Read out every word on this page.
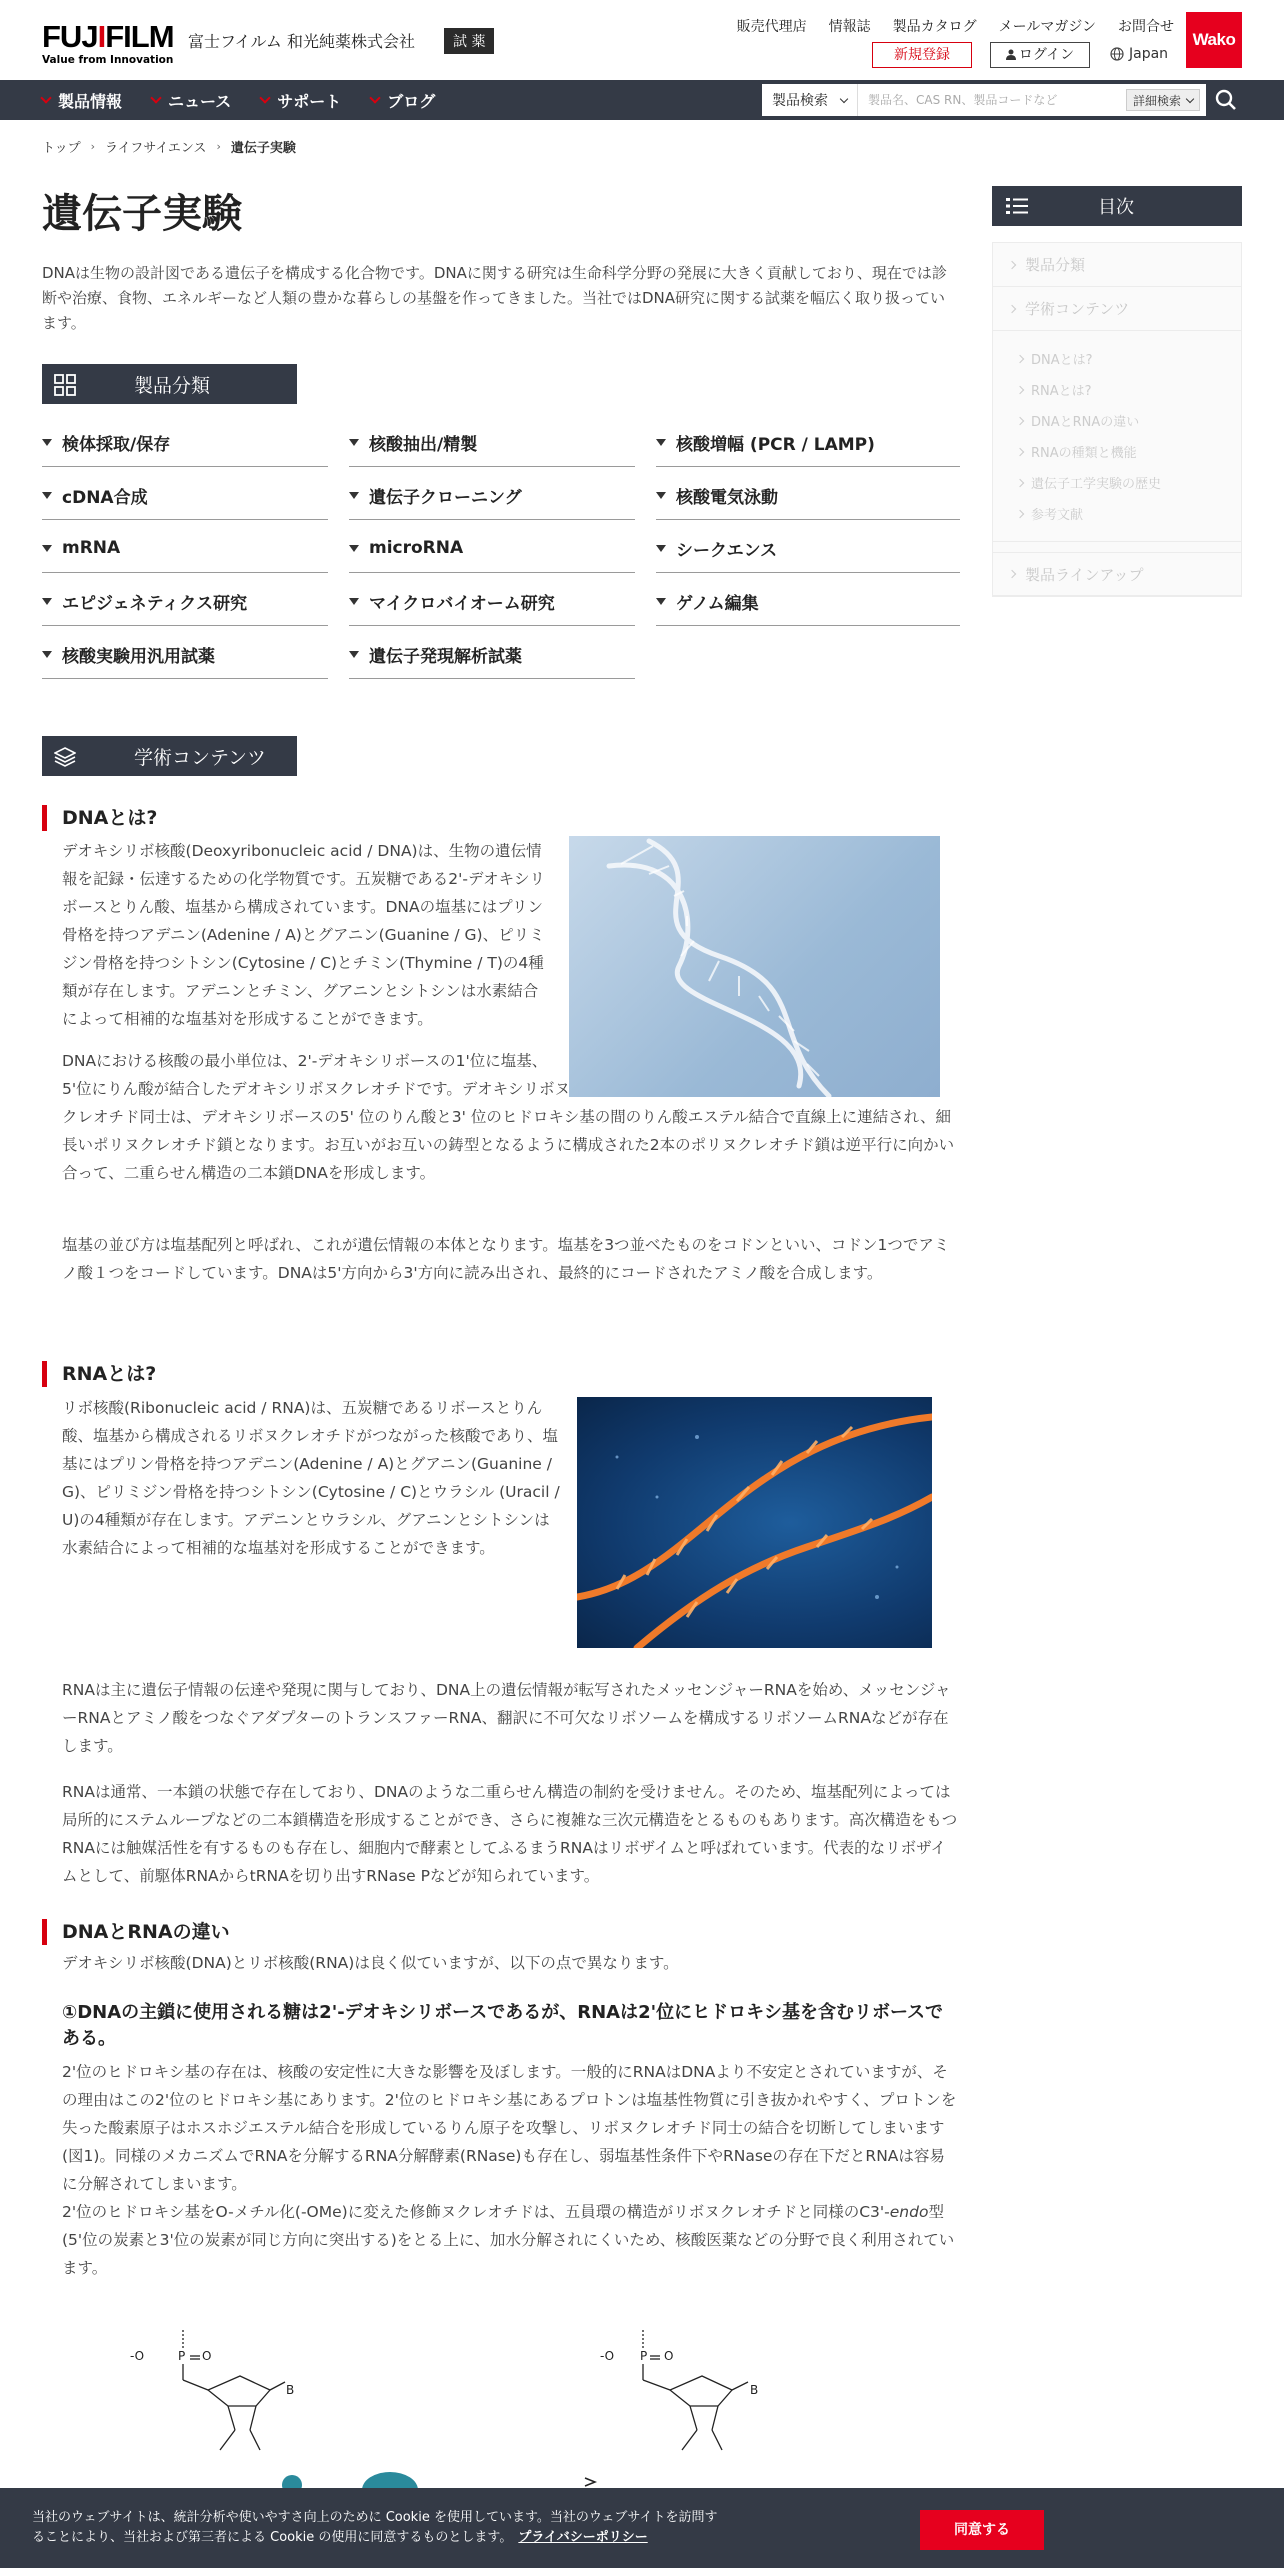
FUJIFILM
Value from Innovation
富士フイルム 和光純薬株式会社	試 薬
販売代理店 情報誌 製品カタログ メールマガジン お問合せ
新規登録	ログイン	Japan
Wako
製品情報	ニュース	サポート	ブログ	製品検索
製品名、CAS RN、製品コードなど	詳細検索
トップ › ライフサイエンス › 遺伝子実験
遺伝子実験

DNAは生物の設計図である遺伝子を構成する化合物です。DNAに関する研究は生命科学分野の発展に大きく貢献しており、現在では診断や治療、食物、エネルギーなど人類の豊かな暮らしの基盤を作ってきました。当社ではDNA研究に関する試薬を幅広く取り扱っています。

製品分類
検体採取/保存	核酸抽出/精製	核酸増幅 (PCR / LAMP)
cDNA合成	遺伝子クローニング	核酸電気泳動
mRNA	microRNA	シークエンス
エピジェネティクス研究	マイクロバイオーム研究	ゲノム編集
核酸実験用汎用試薬	遺伝子発現解析試薬
学術コンテンツ
DNAとは?

デオキシリボ核酸(Deoxyribonucleic acid / DNA)は、生物の遺伝情報を記録・伝達するための化学物質です。五炭糖である2'-デオキシリボースとりん酸、塩基から構成されています。DNAの塩基にはプリン骨格を持つアデニン(Adenine / A)とグアニン(Guanine / G)、ピリミジン骨格を持つシトシン(Cytosine / C)とチミン(Thymine / T)の4種類が存在します。アデニンとチミン、グアニンとシトシンは水素結合によって相補的な塩基対を形成することができます。

DNAにおける核酸の最小単位は、2'-デオキシリボースの1'位に塩基、5'位にりん酸が結合したデオキシリボヌクレオチドです。デオキシリボヌクレオチド同士は、デオキシリボースの5' 位のりん酸と3' 位のヒドロキシ基の間のりん酸エステル結合で直線上に連結され、細長いポリヌクレオチド鎖となります。お互いがお互いの鋳型となるように構成された2本のポリヌクレオチド鎖は逆平行に向かい合って、二重らせん構造の二本鎖DNAを形成します。

塩基の並び方は塩基配列と呼ばれ、これが遺伝情報の本体となります。塩基を3つ並べたものをコドンといい、コドン1つでアミノ酸１つをコードしています。DNAは5'方向から3'方向に読み出され、最終的にコードされたアミノ酸を合成します。

RNAとは?

リボ核酸(Ribonucleic acid / RNA)は、五炭糖であるリボースとりん酸、塩基から構成されるリボヌクレオチドがつながった核酸であり、塩基にはプリン骨格を持つアデニン(Adenine / A)とグアニン(Guanine / G)、ピリミジン骨格を持つシトシン(Cytosine / C)とウラシル (Uracil / U)の4種類が存在します。アデニンとウラシル、グアニンとシトシンは水素結合によって相補的な塩基対を形成することができます。

RNAは主に遺伝子情報の伝達や発現に関与しており、DNA上の遺伝情報が転写されたメッセンジャーRNAを始め、メッセンジャーRNAとアミノ酸をつなぐアダプターのトランスファーRNA、翻訳に不可欠なリボソームを構成するリボソームRNAなどが存在します。

RNAは通常、一本鎖の状態で存在しており、DNAのような二重らせん構造の制約を受けません。そのため、塩基配列によっては局所的にステムループなどの二本鎖構造を形成することができ、さらに複雑な三次元構造をとるものもあります。高次構造をもつRNAには触媒活性を有するものも存在し、細胞内で酵素としてふるまうRNAはリボザイムと呼ばれています。代表的なリボザイムとして、前駆体RNAからtRNAを切り出すRNase Pなどが知られています。

DNAとRNAの違い

デオキシリボ核酸(DNA)とリボ核酸(RNA)は良く似ていますが、以下の点で異なります。

①DNAの主鎖に使用される糖は2'-デオキシリボースであるが、RNAは2'位にヒドロキシ基を含むリボースである。

2'位のヒドロキシ基の存在は、核酸の安定性に大きな影響を及ぼします。一般的にRNAはDNAより不安定とされていますが、その理由はこの2'位のヒドロキシ基にあります。2'位のヒドロキシ基にあるプロトンは塩基性物質に引き抜かれやすく、プロトンを失った酸素原子はホスホジエステル結合を形成しているりん原子を攻撃し、リボヌクレオチド同士の結合を切断してしまいます(図1)。同様のメカニズムでRNAを分解するRNA分解酵素(RNase)も存在し、弱塩基性条件下やRNaseの存在下だとRNAは容易に分解されてしまいます。

2'位のヒドロキシ基をO-メチル化(-OMe)に変えた修飾ヌクレオチドは、五員環の構造がリボヌクレオチドと同様のC3'-endo型(5'位の炭素と3'位の炭素が同じ方向に突出する)をとる上に、加水分解されにくいため、核酸医薬などの分野で良く利用されています。

-O	P O
B
-O P O
B
目次
製品分類
学術コンテンツ
DNAとは?
RNAとは?
DNAとRNAの違い
RNAの種類と機能
遺伝子工学実験の歴史
参考文献
製品ラインアップ
当社のウェブサイトは、統計分析や使いやすさ向上のために Cookie を使用しています。当社のウェブサイトを訪問することにより、当社および第三者による Cookie の使用に同意するものとします。 プライバシーポリシー	同意する
